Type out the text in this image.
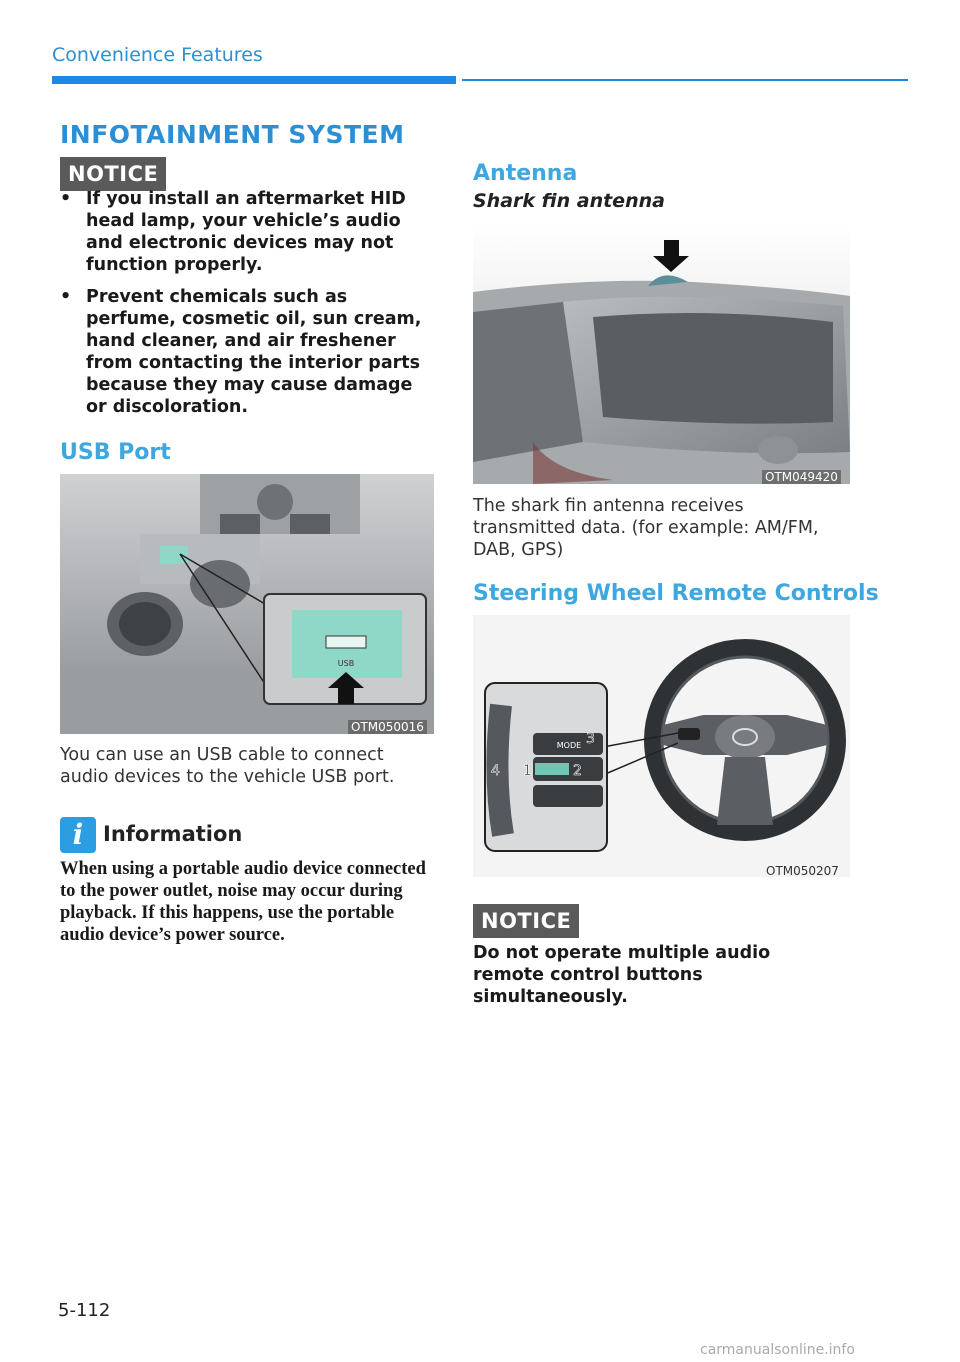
Convenience Features
INFOTAINMENT SYSTEM
NOTICE
• If you install an aftermarket HID head lamp, your vehicle’s audio and electronic devices may not function properly.
• Prevent chemicals such as perfume, cosmetic oil, sun cream, hand cleaner, and air freshener from contacting the interior parts because they may cause damage or discoloration.
USB Port
USB
OTM050016
You can use an USB cable to connect audio devices to the vehicle USB port.
i Information
When using a portable audio device connected to the power outlet, noise may occur during playback. If this happens, use the portable audio device’s power source.
Antenna
Shark fin antenna
OTM049420
The shark fin antenna receives transmitted data. (for example: AM/FM, DAB, GPS)
Steering Wheel Remote Controls
MODE
1	2
3
4
OTM050207
NOTICE
Do not operate multiple audio remote control buttons simultaneously.
5-112
carmanualsonline.info
